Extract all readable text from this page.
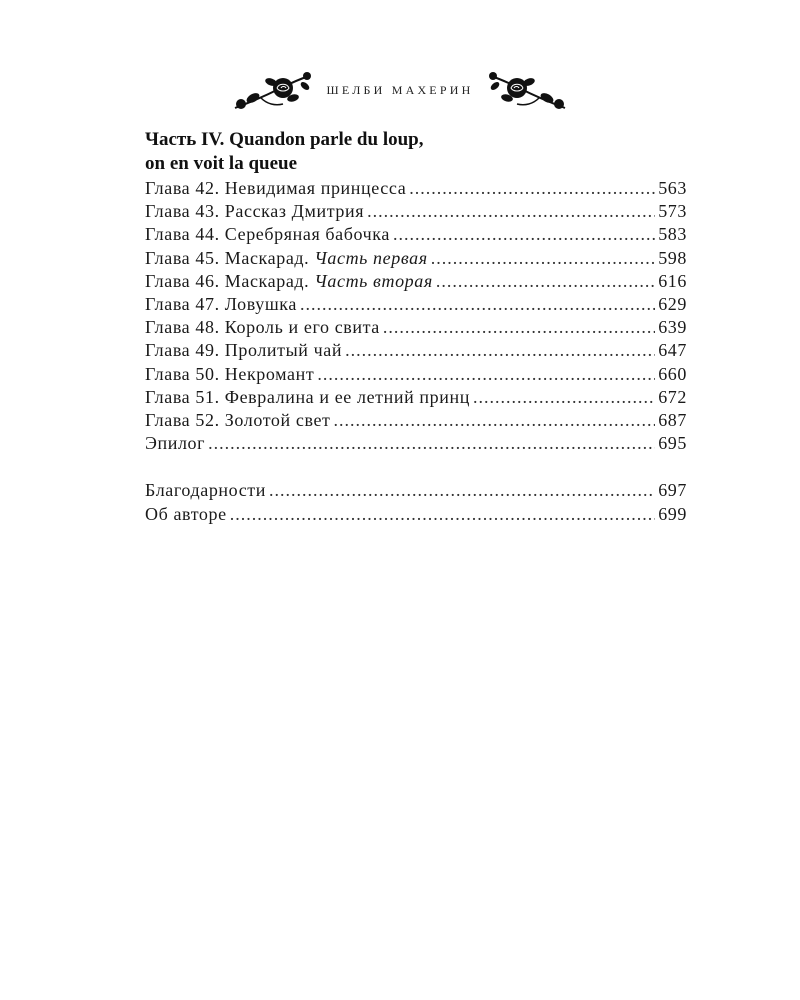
ШЕЛБИ МАХЕРИН
Часть IV. Quandon parle du loup,
on en voit la queue
Глава 42. Невидимая принцесса .....	563
Глава 43. Рассказ Дмитрия .....	573
Глава 44. Серебряная бабочка .....	583
Глава 45. Маскарад. Часть первая .....	598
Глава 46. Маскарад. Часть вторая .....	616
Глава 47. Ловушка .....	629
Глава 48. Король и его свита .....	639
Глава 49. Пролитый чай .....	647
Глава 50. Некромант .....	660
Глава 51. Февралина и ее летний принц .....	672
Глава 52. Золотой свет .....	687
Эпилог .....	695
Благодарности .....	697
Об авторе .....	699
